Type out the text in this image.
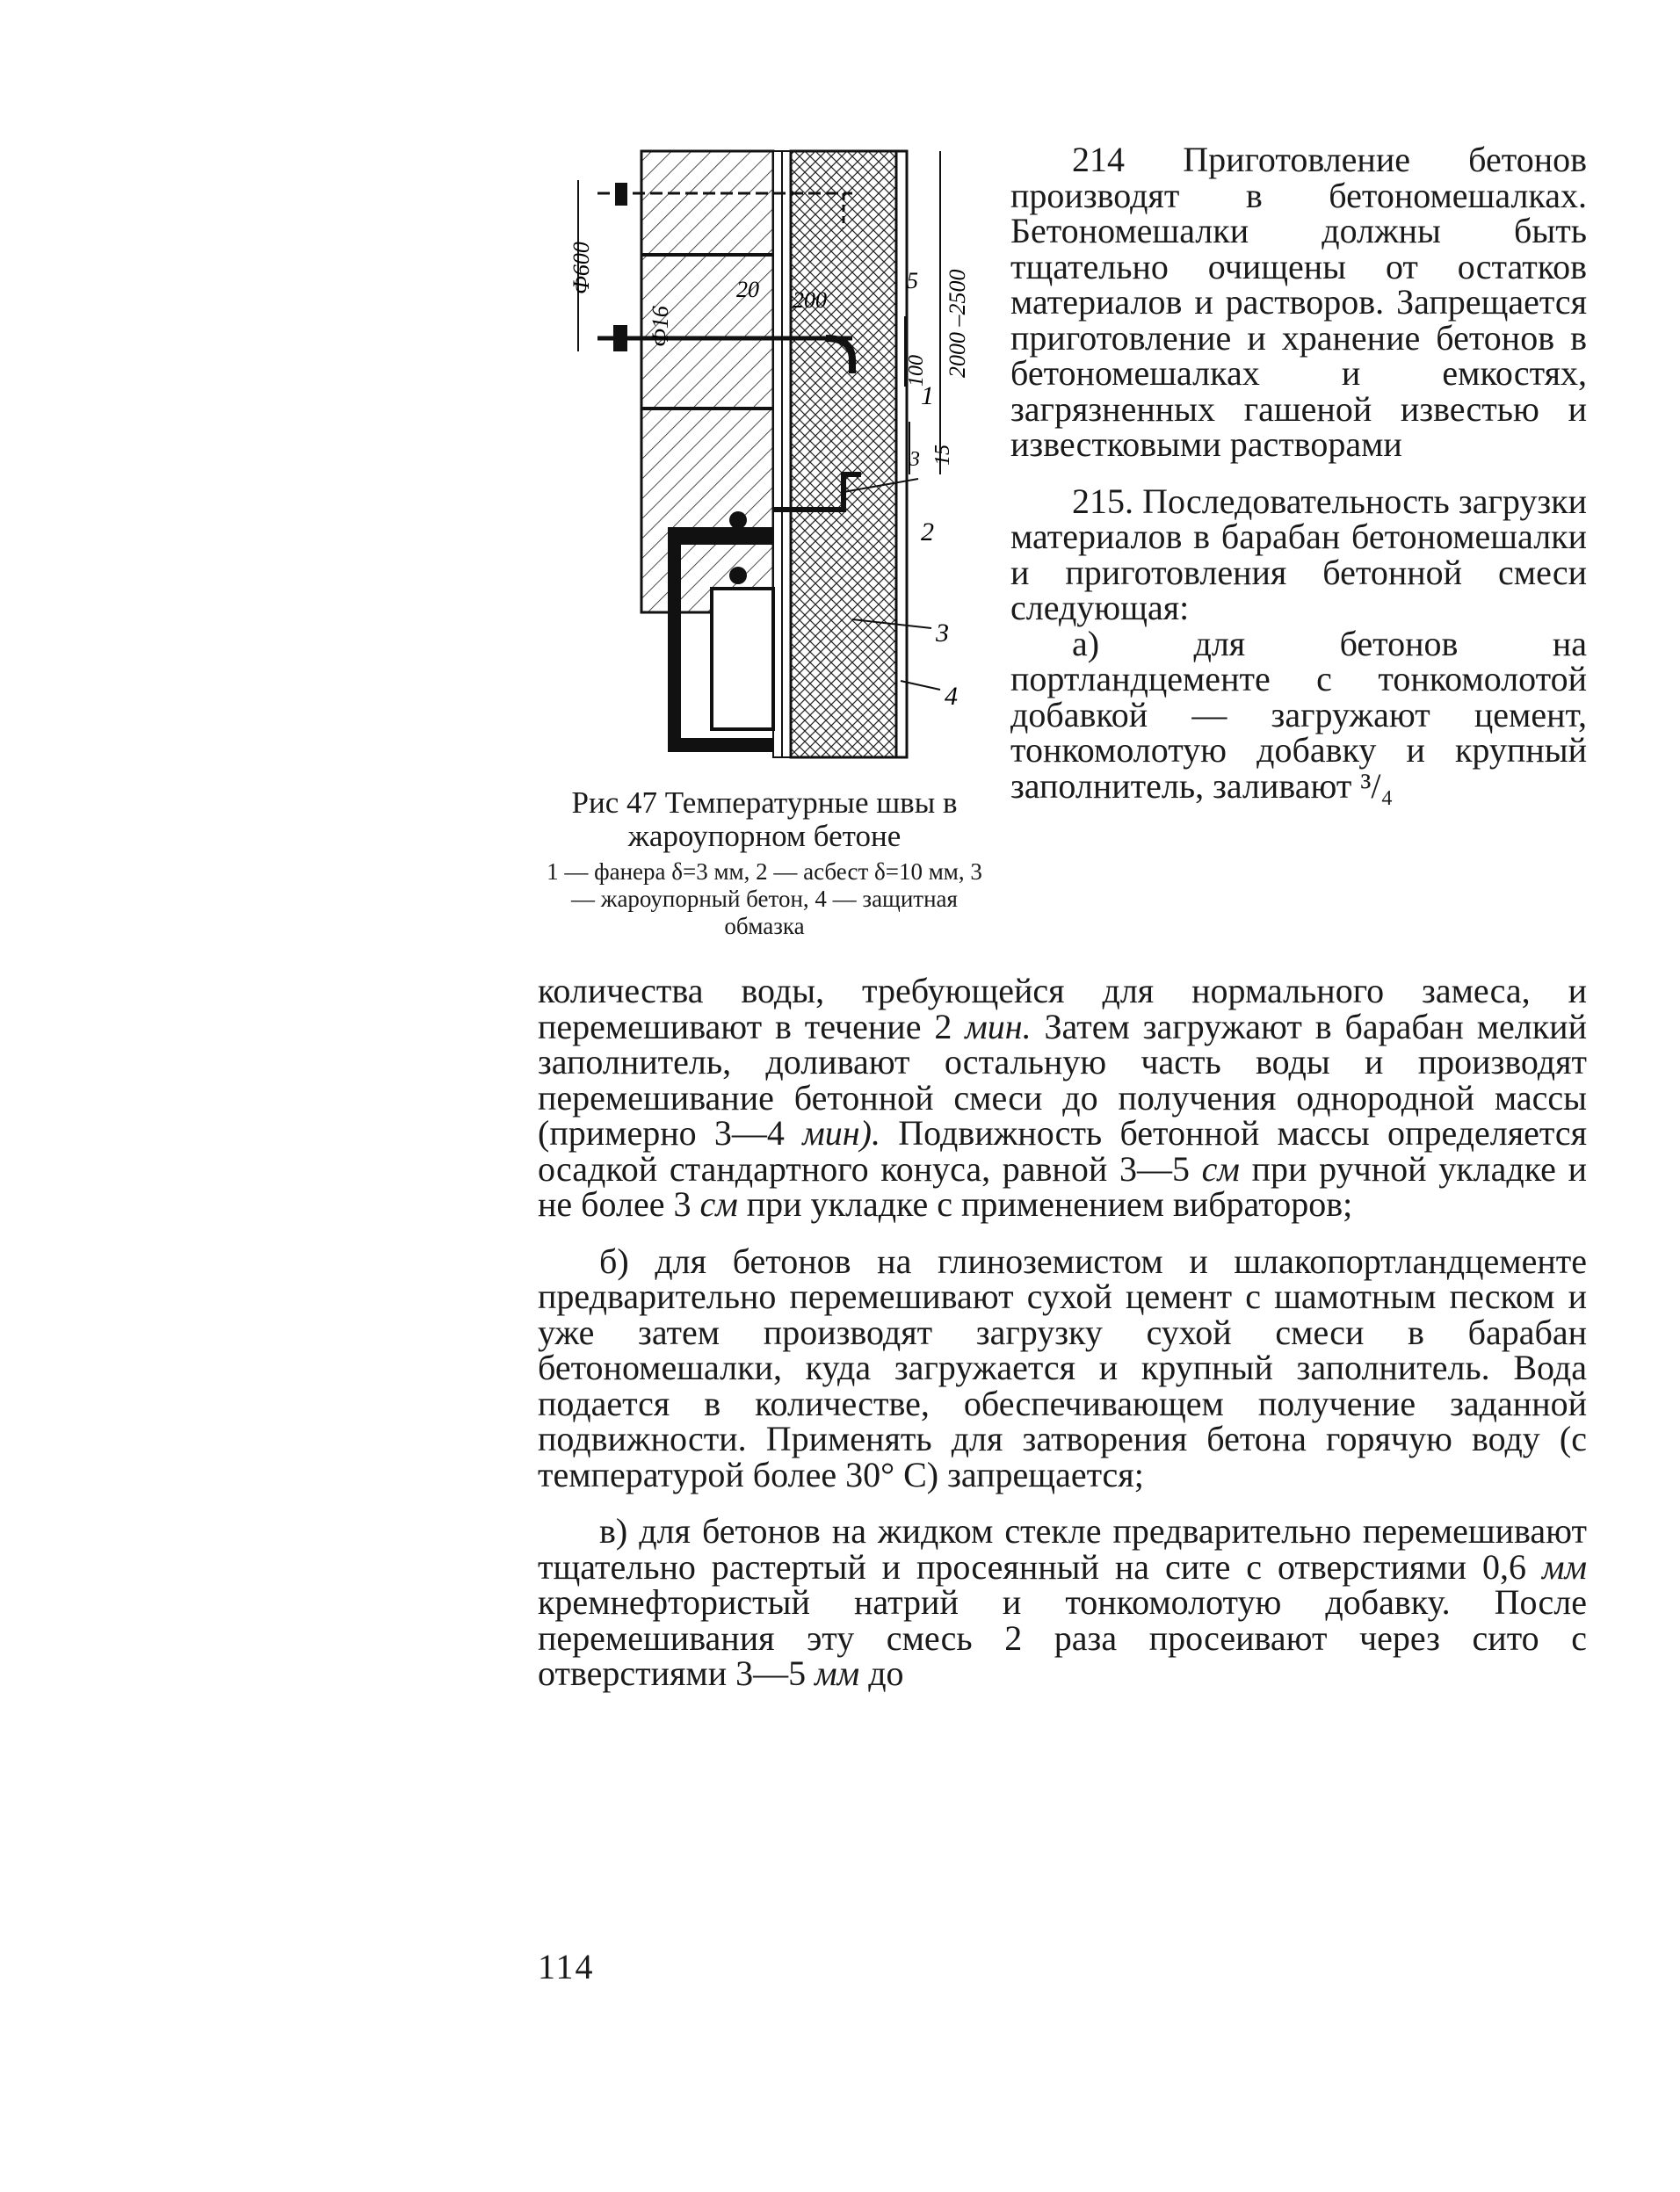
Ф600
Ф16
20 200
5
100 2000 –2500
3 15
1
2
3
4

Рис 47 Температурные швы в жароупорном бетоне

1 — фанера δ=3 мм, 2 — асбест δ=10 мм, 3 — жароупорный бетон, 4 — защитная обмазка

214 Приготовление бетонов производят в бетономешалках. Бетономешалки должны быть тщательно очищены от остатков материалов и растворов. Запрещается приготовление и хранение бетонов в бетономешалках и емкостях, загрязненных гашеной известью и известковыми растворами

215. Последовательность загрузки материалов в барабан бетономешалки и приготовления бетонной смеси следующая:

а) для бетонов на портландцементе с тонкомолотой добавкой — загружают цемент, тонкомолотую добавку и крупный заполнитель, заливают ³/₄

количества воды, требующейся для нормального замеса, и перемешивают в течение 2 мин. Затем загружают в барабан мелкий заполнитель, доливают остальную часть воды и производят перемешивание бетонной смеси до получения однородной массы (примерно 3—4 мин). Подвижность бетонной массы определяется осадкой стандартного конуса, равной 3—5 см при ручной укладке и не более 3 см при укладке с применением вибраторов;

б) для бетонов на глиноземистом и шлакопортландцементе предварительно перемешивают сухой цемент с шамотным песком и уже затем производят загрузку сухой смеси в барабан бетономешалки, куда загружается и крупный заполнитель. Вода подается в количестве, обеспечивающем получение заданной подвижности. Применять для затворения бетона горячую воду (с температурой более 30° С) запрещается;

в) для бетонов на жидком стекле предварительно перемешивают тщательно растертый и просеянный на сите с отверстиями 0,6 мм кремнефтористый натрий и тонкомолотую добавку. После перемешивания эту смесь 2 раза просеивают через сито с отверстиями 3—5 мм до

114
